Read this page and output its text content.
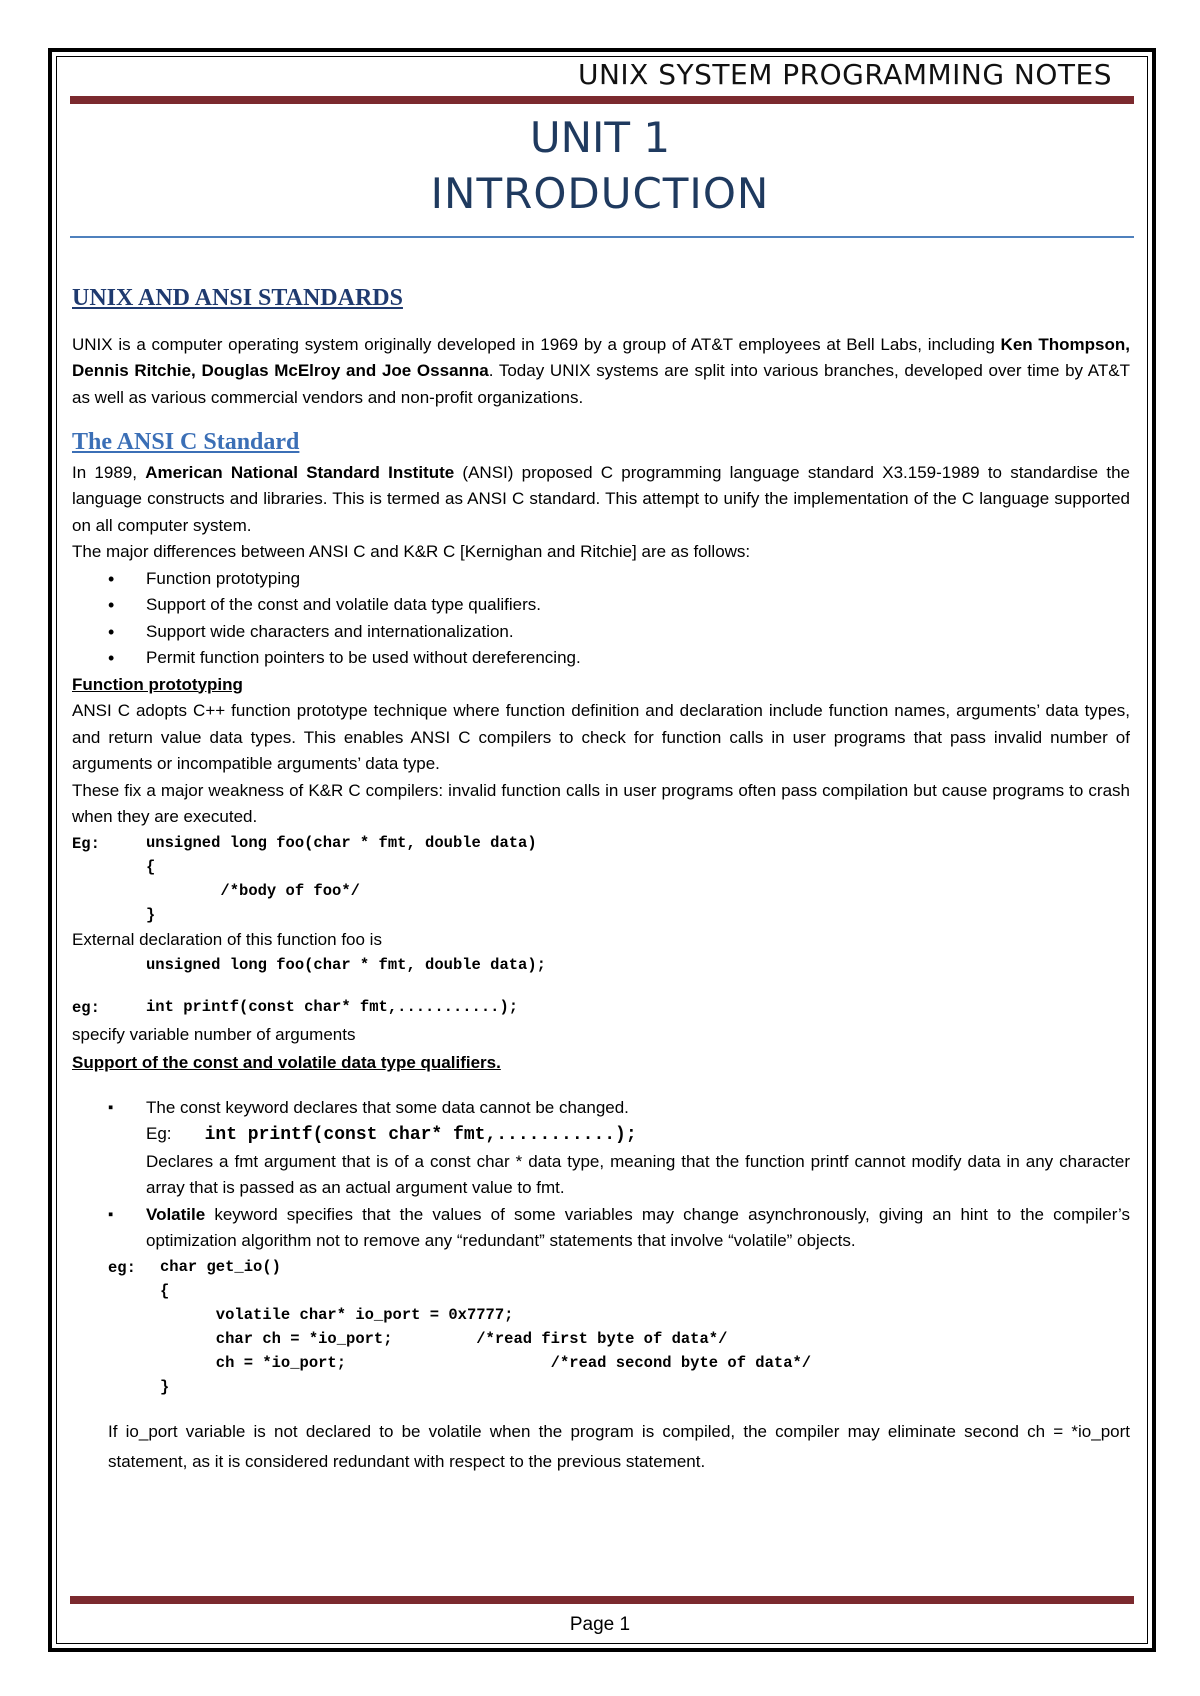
UNIX SYSTEM PROGRAMMING NOTES
UNIT 1
INTRODUCTION
UNIX AND ANSI STANDARDS

UNIX is a computer operating system originally developed in 1969 by a group of AT&T employees at Bell Labs, including Ken Thompson, Dennis Ritchie, Douglas McElroy and Joe Ossanna. Today UNIX systems are split into various branches, developed over time by AT&T as well as various commercial vendors and non-profit organizations.

The ANSI C Standard

In 1989, American National Standard Institute (ANSI) proposed C programming language standard X3.159-1989 to standardise the language constructs and libraries. This is termed as ANSI C standard. This attempt to unify the implementation of the C language supported on all computer system.

The major differences between ANSI C and K&R C [Kernighan and Ritchie] are as follows:

• Function prototyping
• Support of the const and volatile data type qualifiers.
• Support wide characters and internationalization.
• Permit function pointers to be used without dereferencing.
Function prototyping

ANSI C adopts C++ function prototype technique where function definition and declaration include function names, arguments’ data types, and return value data types. This enables ANSI C compilers to check for function calls in user programs that pass invalid number of arguments or incompatible arguments’ data type.

These fix a major weakness of K&R C compilers: invalid function calls in user programs often pass compilation but cause programs to crash when they are executed.

Eg:	unsigned long foo(char * fmt, double data)
{
/*body of foo*/
}

External declaration of this function foo is

unsigned long foo(char * fmt, double data);
eg:	int printf(const char* fmt,...........);

specify variable number of arguments

Support of the const and volatile data type qualifiers.
▪ The const keyword declares that some data cannot be changed.
Eg: int printf(const char* fmt,...........);
Declares a fmt argument that is of a const char * data type, meaning that the function printf cannot modify data in any character array that is passed as an actual argument value to fmt.
▪ Volatile keyword specifies that the values of some variables may change asynchronously, giving an hint to the compiler’s optimization algorithm not to remove any “redundant” statements that involve “volatile” objects.
eg:	char get_io()
{
volatile char* io_port = 0x7777;
char ch = *io_port;         /*read first byte of data*/
ch = *io_port;                      /*read second byte of data*/
}

If io_port variable is not declared to be volatile when the program is compiled, the compiler may eliminate second ch = *io_port statement, as it is considered redundant with respect to the previous statement.

Page 1
